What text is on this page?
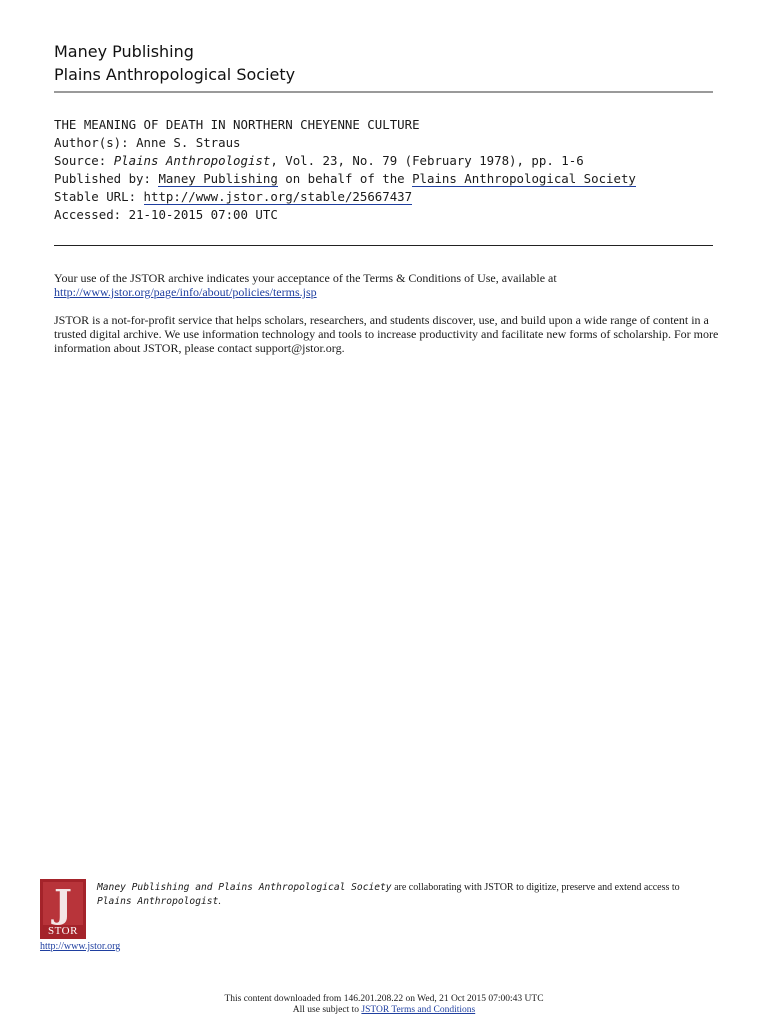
Maney Publishing
Plains Anthropological Society
THE MEANING OF DEATH IN NORTHERN CHEYENNE CULTURE
Author(s): Anne S. Straus
Source: Plains Anthropologist, Vol. 23, No. 79 (February 1978), pp. 1-6
Published by: Maney Publishing on behalf of the Plains Anthropological Society
Stable URL: http://www.jstor.org/stable/25667437
Accessed: 21-10-2015 07:00 UTC
Your use of the JSTOR archive indicates your acceptance of the Terms & Conditions of Use, available at http://www.jstor.org/page/info/about/policies/terms.jsp
JSTOR is a not-for-profit service that helps scholars, researchers, and students discover, use, and build upon a wide range of content in a trusted digital archive. We use information technology and tools to increase productivity and facilitate new forms of scholarship. For more information about JSTOR, please contact support@jstor.org.
J
STOR
http://www.jstor.org
Maney Publishing and Plains Anthropological Society are collaborating with JSTOR to digitize, preserve and extend access to
Plains Anthropologist.
This content downloaded from 146.201.208.22 on Wed, 21 Oct 2015 07:00:43 UTC
All use subject to JSTOR Terms and Conditions
